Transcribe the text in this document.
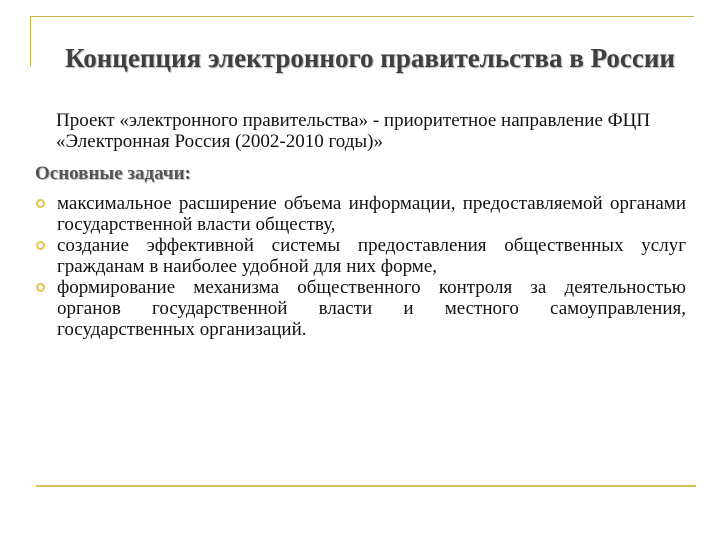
Концепция электронного правительства в России
Проект «электронного правительства» - приоритетное направление ФЦП «Электронная Россия (2002-2010 годы)»
Основные задачи:
максимальное расширение объема информации, предоставляемой органами государственной власти обществу,
создание эффективной системы предоставления общественных услуг гражданам в наиболее удобной для них форме,
формирование механизма общественного контроля за деятельностью органов государственной власти и местного самоуправления, государственных организаций.
